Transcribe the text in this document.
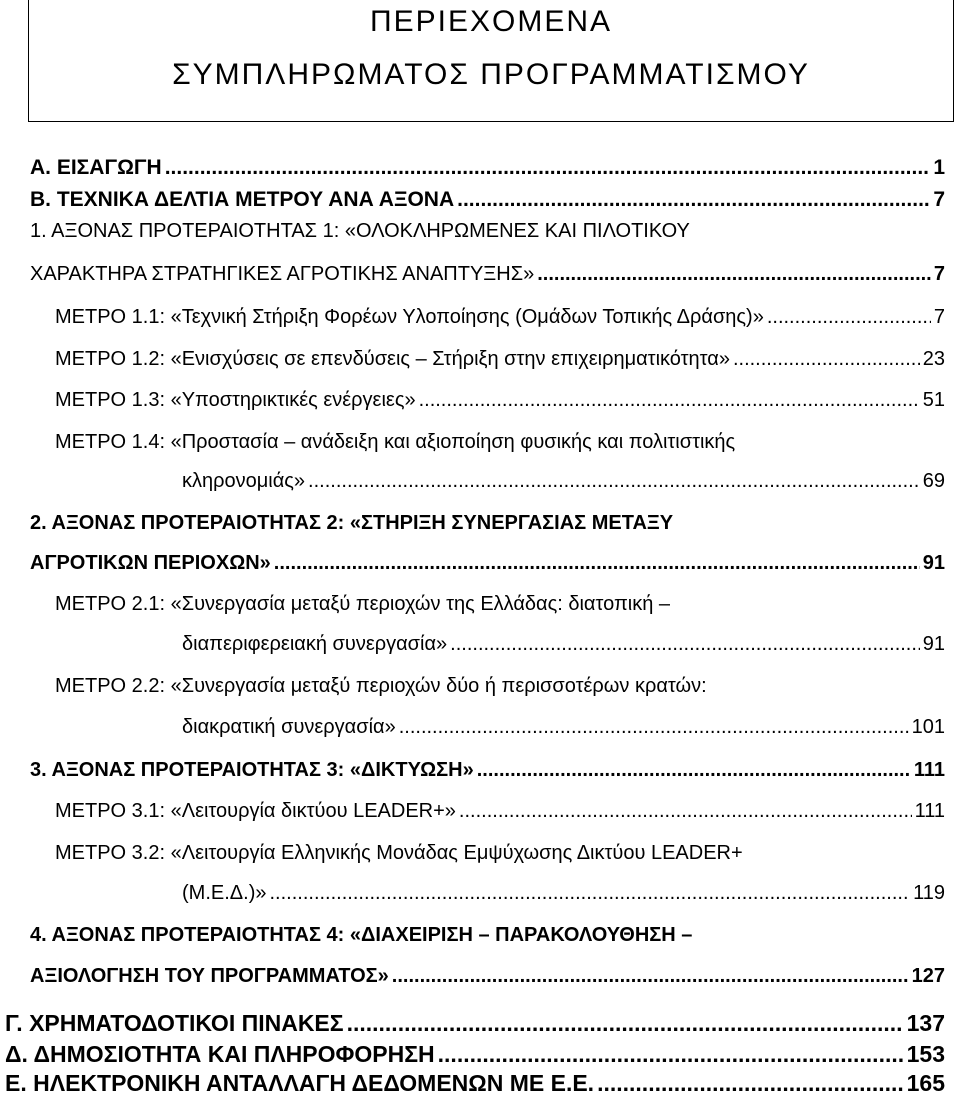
ΠΕΡΙΕΧΟΜΕΝΑ
ΣΥΜΠΛΗΡΩΜΑΤΟΣ ΠΡΟΓΡΑΜΜΑΤΙΣΜΟΥ
Α. ΕΙΣΑΓΩΓΗ .....	1
Β. ΤΕΧΝΙΚΑ ΔΕΛΤΙΑ ΜΕΤΡΟΥ ΑΝΑ ΑΞΟΝΑ .....	7
1. ΑΞΟΝΑΣ ΠΡΟΤΕΡΑΙΟΤΗΤΑΣ 1: «ΟΛΟΚΛΗΡΩΜΕΝΕΣ ΚΑΙ ΠΙΛΟΤΙΚΟΥ
ΧΑΡΑΚΤΗΡΑ ΣΤΡΑΤΗΓΙΚΕΣ ΑΓΡΟΤΙΚΗΣ ΑΝΑΠΤΥΞΗΣ» .....	7
ΜΕΤΡΟ 1.1: «Τεχνική Στήριξη Φορέων Υλοποίησης (Ομάδων Τοπικής Δράσης)» .....	7
ΜΕΤΡΟ 1.2: «Ενισχύσεις σε επενδύσεις – Στήριξη στην επιχειρηματικότητα» .....	23
ΜΕΤΡΟ 1.3: «Υποστηρικτικές ενέργειες» .....	51
ΜΕΤΡΟ 1.4: «Προστασία – ανάδειξη και αξιοποίηση φυσικής και πολιτιστικής
κληρονομιάς» .....	69
2. ΑΞΟΝΑΣ ΠΡΟΤΕΡΑΙΟΤΗΤΑΣ 2: «ΣΤΗΡΙΞΗ ΣΥΝΕΡΓΑΣΙΑΣ ΜΕΤΑΞΥ
ΑΓΡΟΤΙΚΩΝ ΠΕΡΙΟΧΩΝ» .....	91
ΜΕΤΡΟ 2.1: «Συνεργασία μεταξύ περιοχών της Ελλάδας: διατοπική –
διαπεριφερειακή συνεργασία» .....	91
ΜΕΤΡΟ 2.2: «Συνεργασία μεταξύ περιοχών δύο ή περισσοτέρων κρατών:
διακρατική συνεργασία» .....	101
3. ΑΞΟΝΑΣ ΠΡΟΤΕΡΑΙΟΤΗΤΑΣ 3: «ΔΙΚΤΥΩΣΗ» .....	111
ΜΕΤΡΟ 3.1: «Λειτουργία δικτύου LEADER+» .....	111
ΜΕΤΡΟ 3.2: «Λειτουργία Ελληνικής Μονάδας Εμψύχωσης Δικτύου LEADER+
(Μ.Ε.Δ.)» .....	119
4. ΑΞΟΝΑΣ ΠΡΟΤΕΡΑΙΟΤΗΤΑΣ 4: «ΔΙΑΧΕΙΡΙΣΗ – ΠΑΡΑΚΟΛΟΥΘΗΣΗ –
ΑΞΙΟΛΟΓΗΣΗ ΤΟΥ ΠΡΟΓΡΑΜΜΑΤΟΣ» .....	127
Γ. ΧΡΗΜΑΤΟΔΟΤΙΚΟΙ ΠΙΝΑΚΕΣ .....	137
Δ. ΔΗΜΟΣΙΟΤΗΤΑ ΚΑΙ ΠΛΗΡΟΦΟΡΗΣΗ .....	153
Ε. ΗΛΕΚΤΡΟΝΙΚΗ ΑΝΤΑΛΛΑΓΗ ΔΕΔΟΜΕΝΩΝ ΜΕ Ε.Ε. .....	165
